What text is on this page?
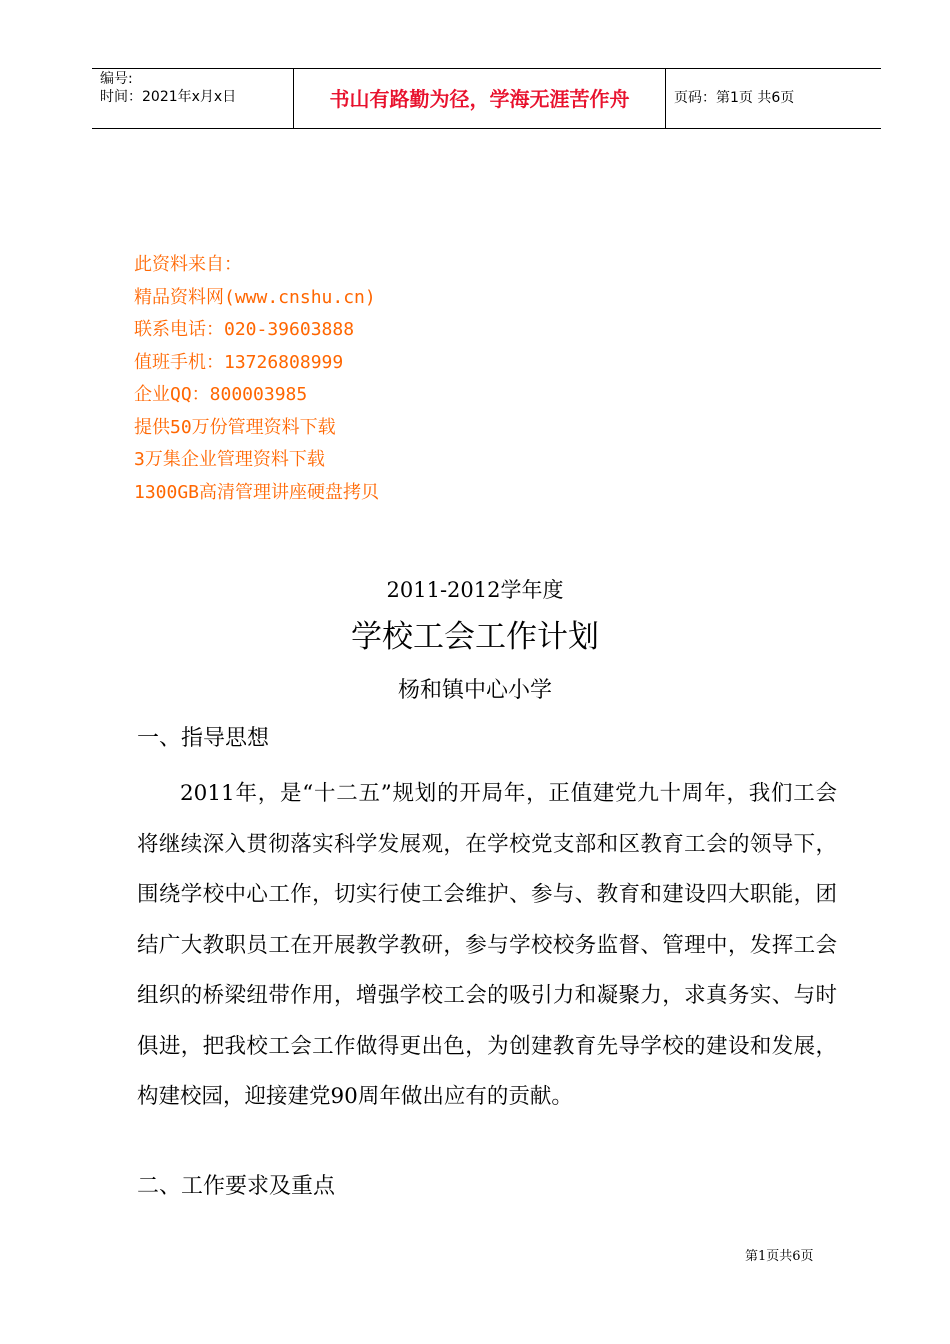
编号:
时间：2021年x月x日	书山有路勤为径，学海无涯苦作舟	页码：第1页 共6页
此资料来自：
精品资料网(www.cnshu.cn)
联系电话：020-39603888
值班手机：13726808999
企业QQ：800003985
提供50万份管理资料下载
3万集企业管理资料下载
1300GB高清管理讲座硬盘拷贝
2011-2012学年度
学校工会工作计划
杨和镇中心小学
一、指导思想

2011年，是“十二五”规划的开局年，正值建党九十周年，我们工会将继续深入贯彻落实科学发展观，在学校党支部和区教育工会的领导下，围绕学校中心工作，切实行使工会维护、参与、教育和建设四大职能，团结广大教职员工在开展教学教研，参与学校校务监督、管理中，发挥工会组织的桥梁纽带作用，增强学校工会的吸引力和凝聚力，求真务实、与时俱进，把我校工会工作做得更出色，为创建教育先导学校的建设和发展，构建校园，迎接建党90周年做出应有的贡献。

二、工作要求及重点
第1页共6页
